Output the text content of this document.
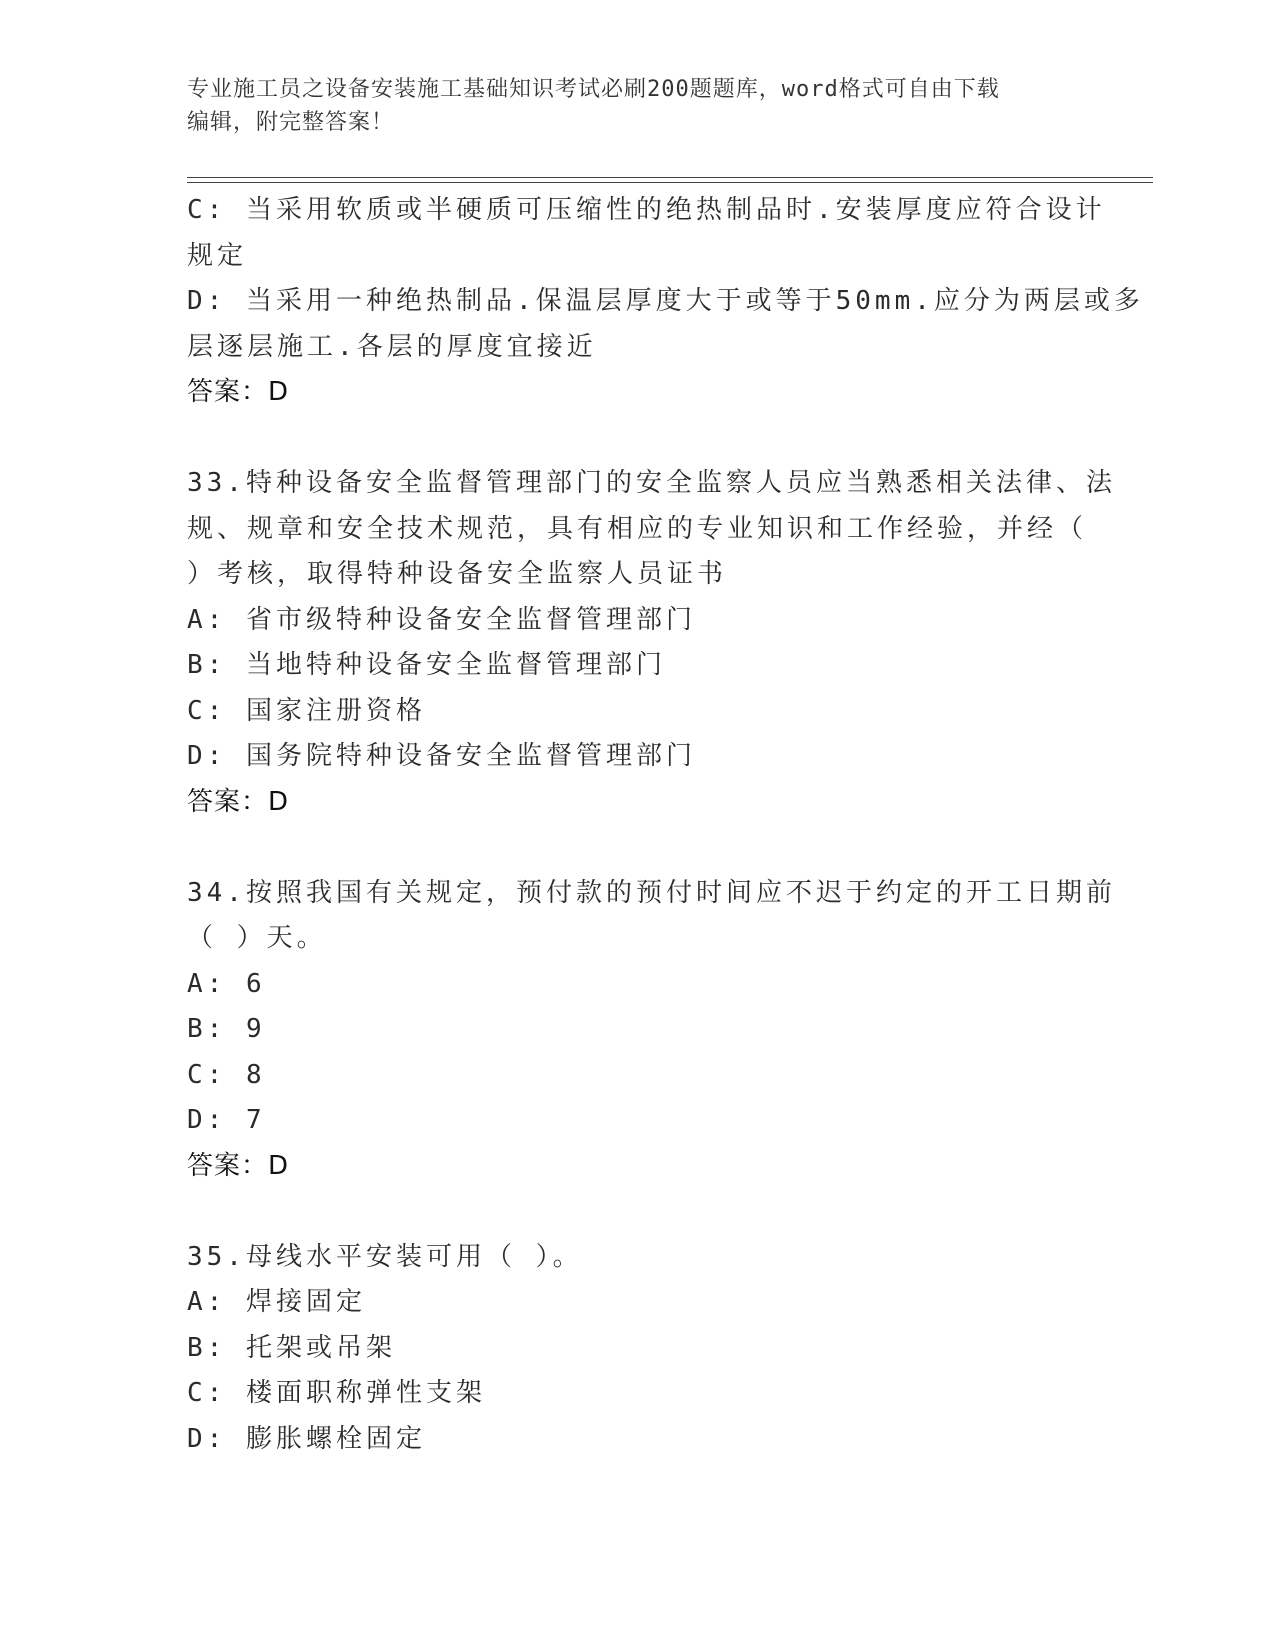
专业施工员之设备安装施工基础知识考试必刷200题题库，word格式可自由下载
编辑，附完整答案！
C: 当采用软质或半硬质可压缩性的绝热制品时.安装厚度应符合设计
规定
D: 当采用一种绝热制品.保温层厚度大于或等于50mm.应分为两层或多
层逐层施工.各层的厚度宜接近
答案：D
33.特种设备安全监督管理部门的安全监察人员应当熟悉相关法律、法
规、规章和安全技术规范，具有相应的专业知识和工作经验，并经（
）考核，取得特种设备安全监察人员证书
A: 省市级特种设备安全监督管理部门
B: 当地特种设备安全监督管理部门
C: 国家注册资格
D: 国务院特种设备安全监督管理部门
答案：D
34.按照我国有关规定，预付款的预付时间应不迟于约定的开工日期前
（ ）天。
A: 6
B: 9
C: 8
D: 7
答案：D
35.母线水平安装可用（ ）。
A: 焊接固定
B: 托架或吊架
C: 楼面职称弹性支架
D: 膨胀螺栓固定
